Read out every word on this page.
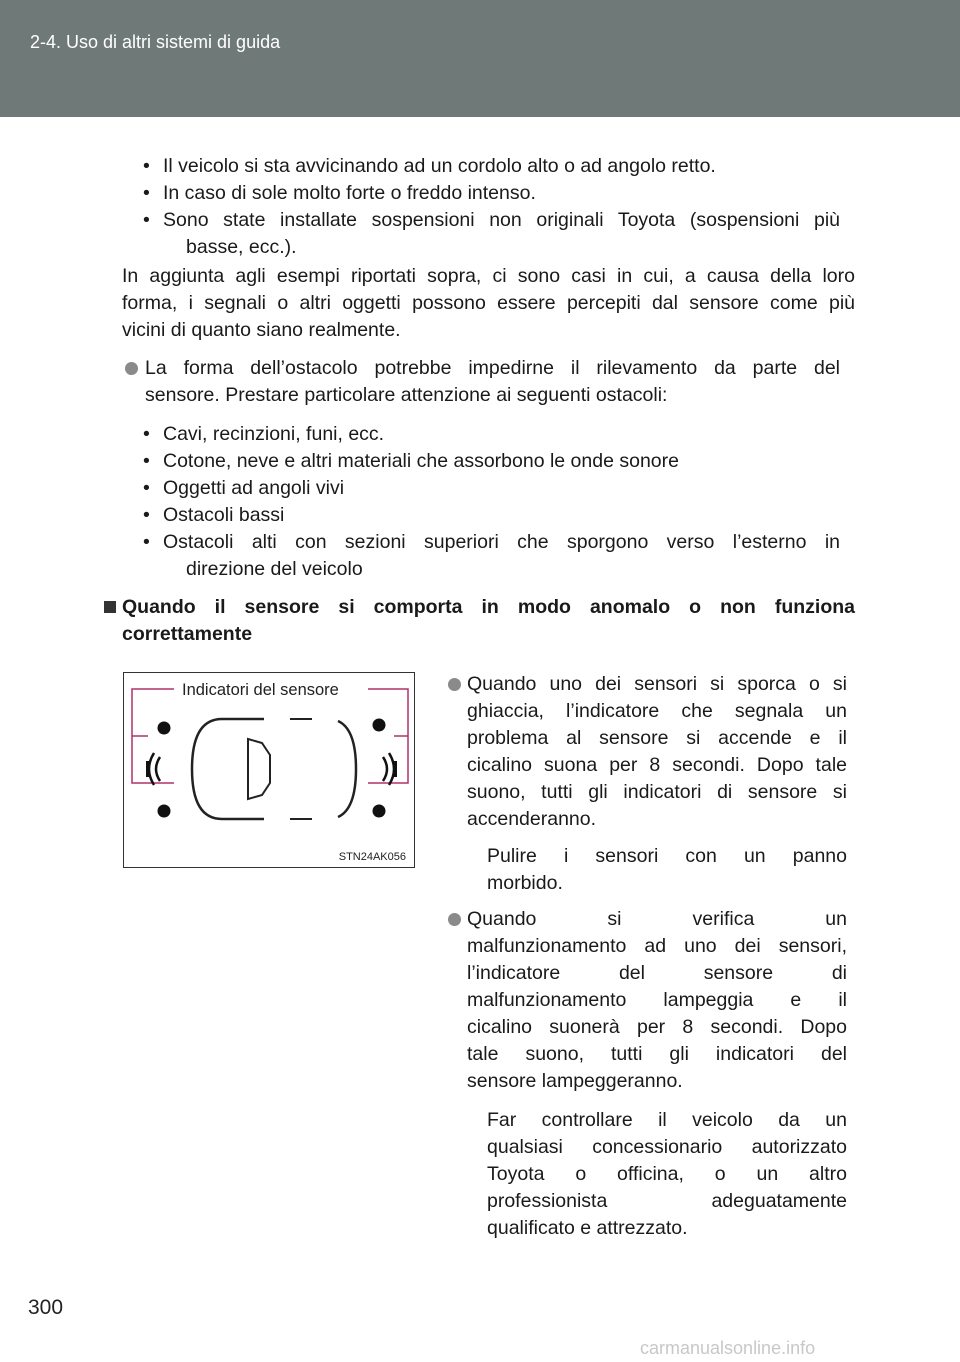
2-4. Uso di altri sistemi di guida
• Il veicolo si sta avvicinando ad un cordolo alto o ad angolo retto.

• In caso di sole molto forte o freddo intenso.

• Sono state installate sospensioni non originali Toyota (sospensioni più

basse, ecc.).

In aggiunta agli esempi riportati sopra, ci sono casi in cui, a causa della loro

forma, i segnali o altri oggetti possono essere percepiti dal sensore come più

vicini di quanto siano realmente.

La forma dell’ostacolo potrebbe impedirne il rilevamento da parte del

sensore. Prestare particolare attenzione ai seguenti ostacoli:

• Cavi, recinzioni, funi, ecc.

• Cotone, neve e altri materiali che assorbono le onde sonore

• Oggetti ad angoli vivi

• Ostacoli bassi

• Ostacoli alti con sezioni superiori che sporgono verso l’esterno in

direzione del veicolo

Quando il sensore si comporta in modo anomalo o non funziona

correttamente

Indicatori del sensore
STN24AK056

Quando uno dei sensori si sporca o si

ghiaccia, l’indicatore che segnala un

problema al sensore si accende e il

cicalino suona per 8 secondi. Dopo tale

suono, tutti gli indicatori di sensore si

accenderanno.

Pulire i sensori con un panno

morbido.

Quando si verifica un

malfunzionamento ad uno dei sensori,

l’indicatore del sensore di

malfunzionamento lampeggia e il

cicalino suonerà per 8 secondi. Dopo

tale suono, tutti gli indicatori del

sensore lampeggeranno.

Far controllare il veicolo da un

qualsiasi concessionario autorizzato

Toyota o officina, o un altro

professionista adeguatamente

qualificato e attrezzato.

300
carmanualsonline.info
